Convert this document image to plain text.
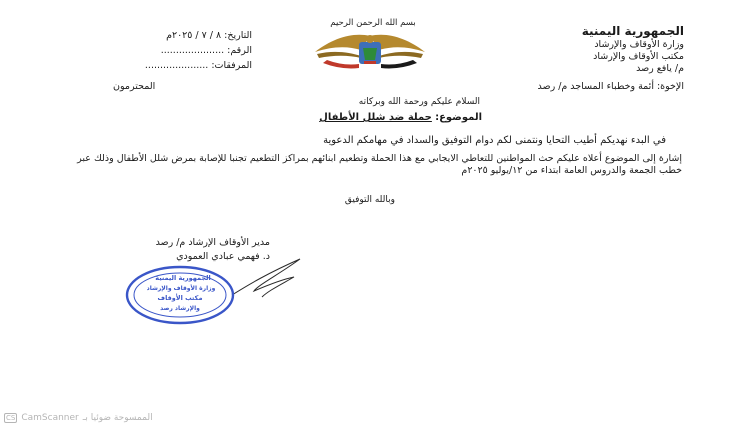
الجمهورية اليمنية
وزارة الأوقاف والإرشاد
مكتب الأوقاف والإرشاد
م/ يافع رصد
بسم الله الرحمن الرحيم
التاريخ: ٨ / ٧ / ٢٠٢٥م
الرقم: .....................
المرفقات: .....................
الإخوة: أئمة وخطباء المساجد م/ رصد
المحترمون
السلام عليكم ورحمة الله وبركاته
الموضوع: حملة ضد شلل الأطفال
في البدء نهديكم أطيب التحايا ونتمنى لكم دوام التوفيق والسداد في مهامكم الدعوية
إشارة إلى الموضوع أعلاه عليكم حث المواطنين للتعاطي الايجابي مع هذا الحملة وتطعيم ابنائهم بمراكز التطعيم تجنبا للإصابة بمرض شلل الأطفال وذلك عبر خطب الجمعة والدروس العامة ابتداء من ١٢/يوليو ٢٠٢٥م
وبالله التوفيق
مدير الأوقاف الإرشاد م/ رصد
د. فهمي عبادي العمودي
الجمهورية اليمنية
وزارة الأوقاف والإرشاد
مكتب الأوقاف
والإرشاد رصد
CS CamScanner الممسوحة ضوئيا بـ
